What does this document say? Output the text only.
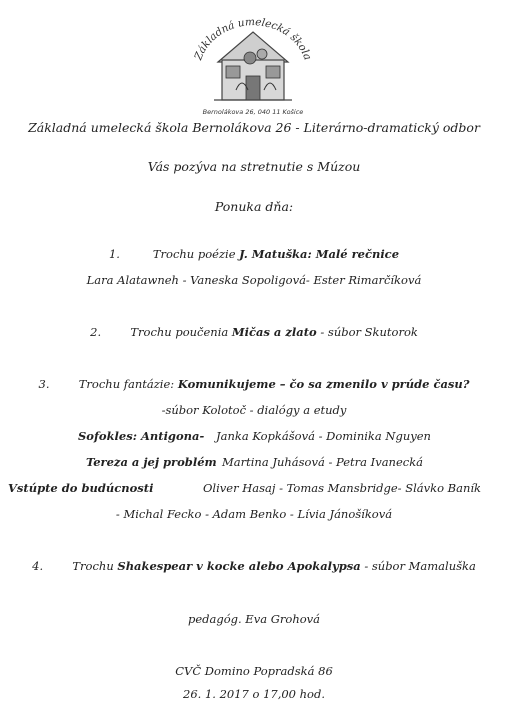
Základná umelecká škola
Bernolákova 26, 040 11 Košice
Základná umelecká škola Bernolákova 26 - Literárno-dramatický odbor
Vás pozýva na stretnutie s Múzou
Ponuka dňa:
1.	Trochu poézie J. Matuška: Malé rečnice
Lara Alatawneh - Vaneska Sopoligová- Ester Rimarčíková
2.	Trochu poučenia Mičas a zlato - súbor Skutorok
3.	Trochu fantázie: Komunikujeme – čo sa zmenilo v prúde času?
-súbor Kolotoč - dialógy a etudy
Sofokles: Antigona- Janka Kopkášová - Dominika Nguyen
Tereza a jej problém Martina Juhásová - Petra Ivanecká
Vstúpte do budúcnosti	Oliver Hasaj - Tomas Mansbridge- Slávko Baník
- Michal Fecko - Adam Benko - Lívia Jánošíková
4.	Trochu Shakespear v kocke alebo Apokalypsa - súbor Mamaluška
pedagóg. Eva Grohová
CVČ Domino Popradská 86
26. 1. 2017 o 17,00 hod.
